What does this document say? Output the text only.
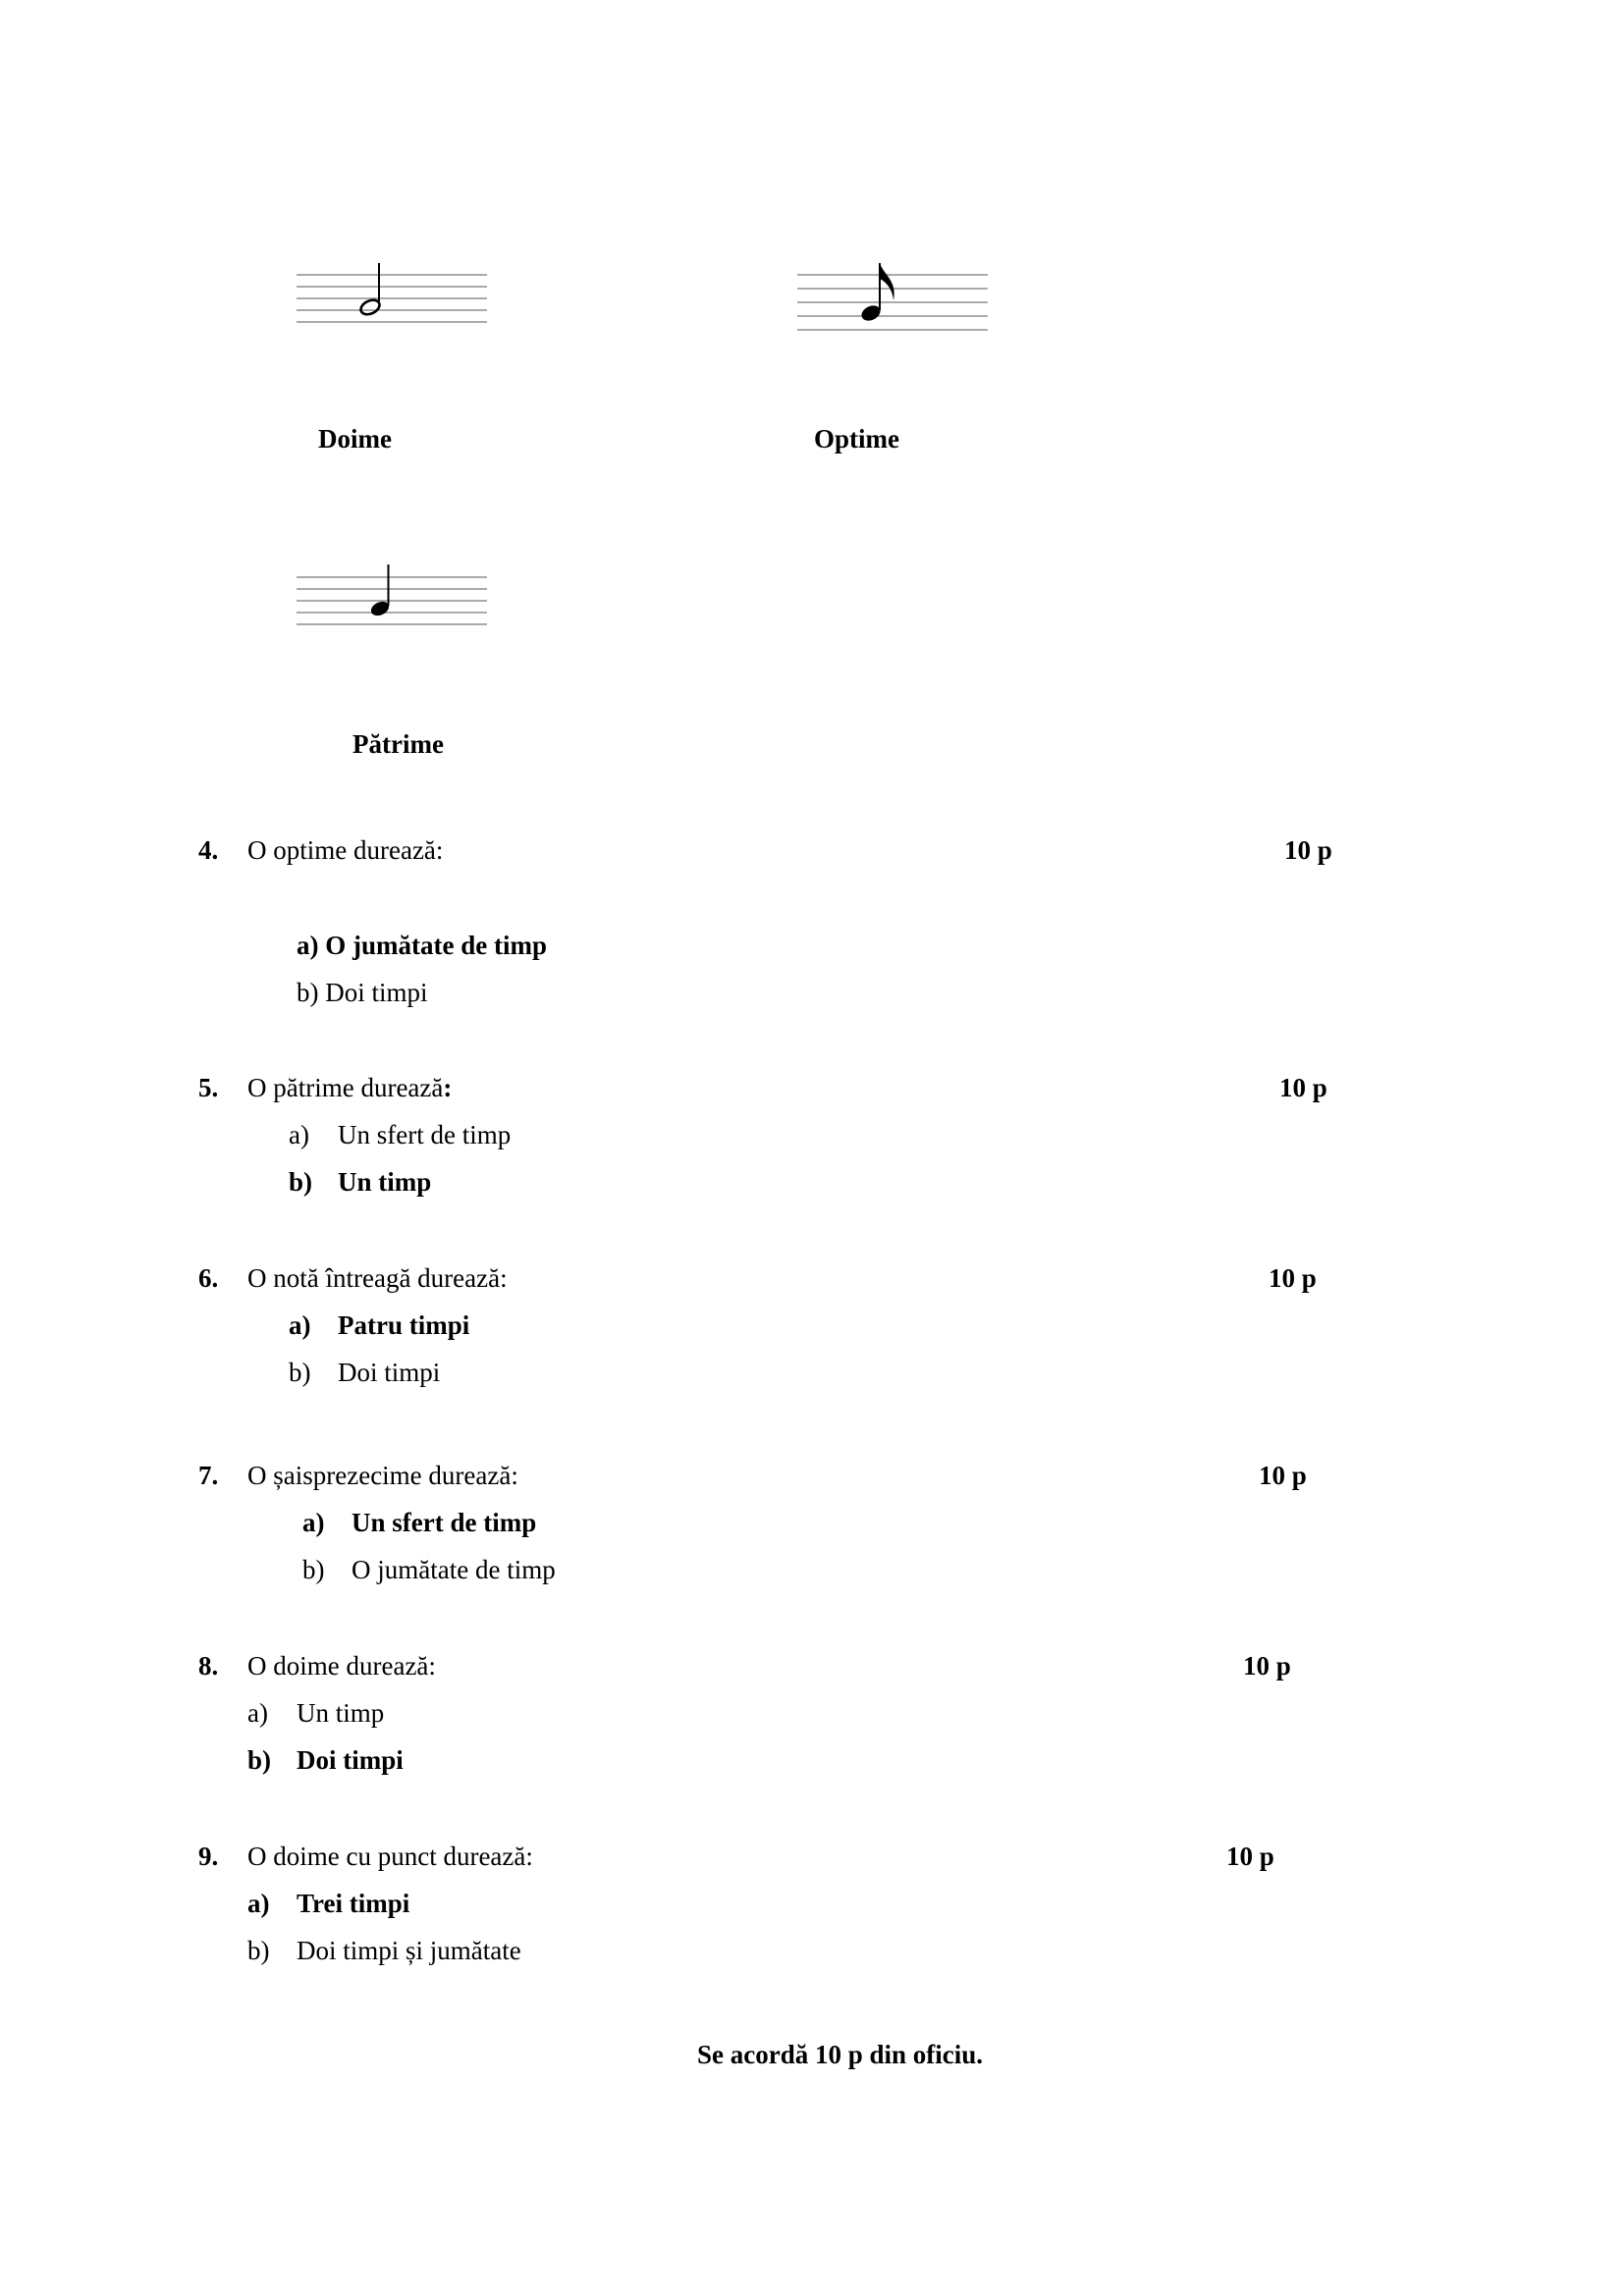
Doime	Optime
Pătrime
4. O optime durează:	10 p
a) O jumătate de timp
b) Doi timpi
5. O pătrime durează:	10 p
a) Un sfert de timp
b) Un timp
6. O notă întreagă durează:	10 p
a) Patru timpi
b) Doi timpi
7. O șaisprezecime durează:	10 p
a) Un sfert de timp
b) O jumătate de timp
8. O doime durează:	10 p
a) Un timp
b) Doi timpi
9. O doime cu punct durează:	10 p
a) Trei timpi
b) Doi timpi și jumătate
Se acordă 10 p din oficiu.
